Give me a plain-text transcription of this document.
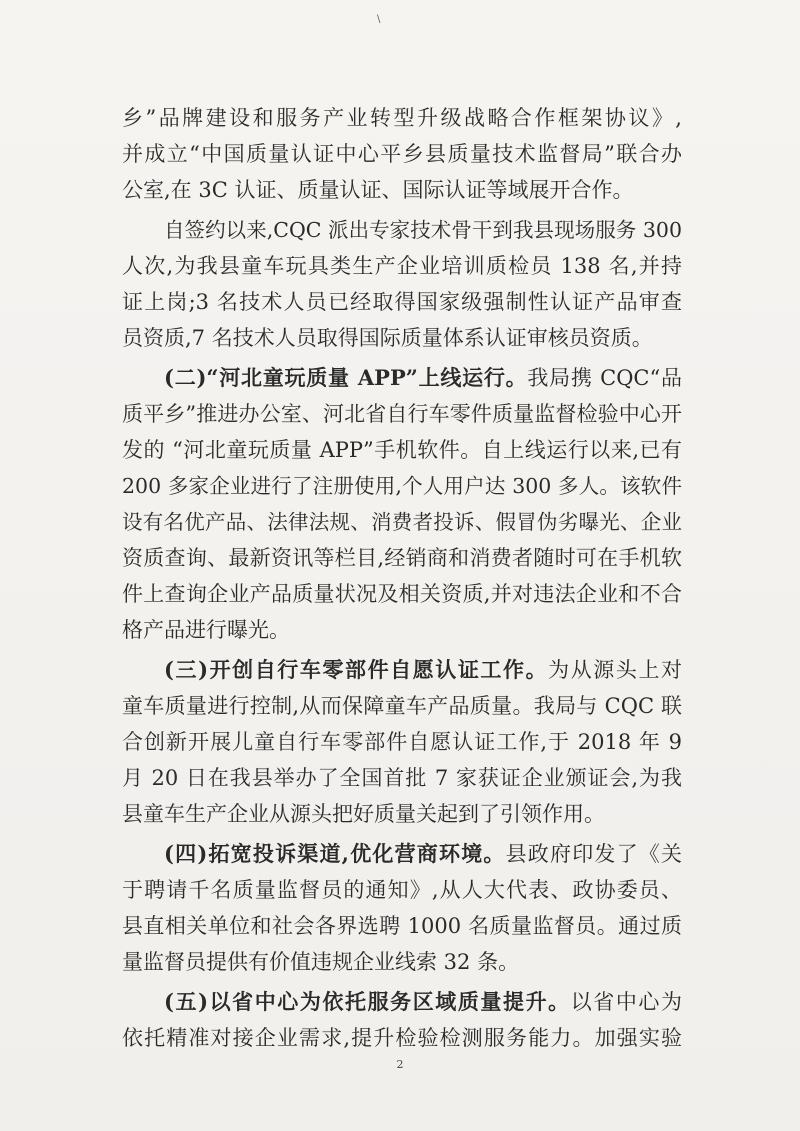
\
乡”品牌建设和服务产业转型升级战略合作框架协议》,
并成立“中国质量认证中心平乡县质量技术监督局”联合办
公室,在 3C 认证、质量认证、国际认证等域展开合作。
自签约以来,CQC 派出专家技术骨干到我县现场服务 300
人次,为我县童车玩具类生产企业培训质检员 138 名,并持
证上岗;3 名技术人员已经取得国家级强制性认证产品审查
员资质,7 名技术人员取得国际质量体系认证审核员资质。
(二)“河北童玩质量 APP”上线运行。我局携 CQC“品
质平乡”推进办公室、河北省自行车零件质量监督检验中心开
发的 “河北童玩质量 APP”手机软件。自上线运行以来,已有
200 多家企业进行了注册使用,个人用户达 300 多人。该软件
设有名优产品、法律法规、消费者投诉、假冒伪劣曝光、企业
资质查询、最新资讯等栏目,经销商和消费者随时可在手机软
件上查询企业产品质量状况及相关资质,并对违法企业和不合
格产品进行曝光。
(三)开创自行车零部件自愿认证工作。为从源头上对
童车质量进行控制,从而保障童车产品质量。我局与 CQC 联
合创新开展儿童自行车零部件自愿认证工作,于 2018 年 9
月 20 日在我县举办了全国首批 7 家获证企业颁证会,为我
县童车生产企业从源头把好质量关起到了引领作用。
(四)拓宽投诉渠道,优化营商环境。县政府印发了《关
于聘请千名质量监督员的通知》,从人大代表、政协委员、
县直相关单位和社会各界选聘 1000 名质量监督员。通过质
量监督员提供有价值违规企业线索 32 条。
(五)以省中心为依托服务区域质量提升。以省中心为
依托精准对接企业需求,提升检验检测服务能力。加强实验
2
